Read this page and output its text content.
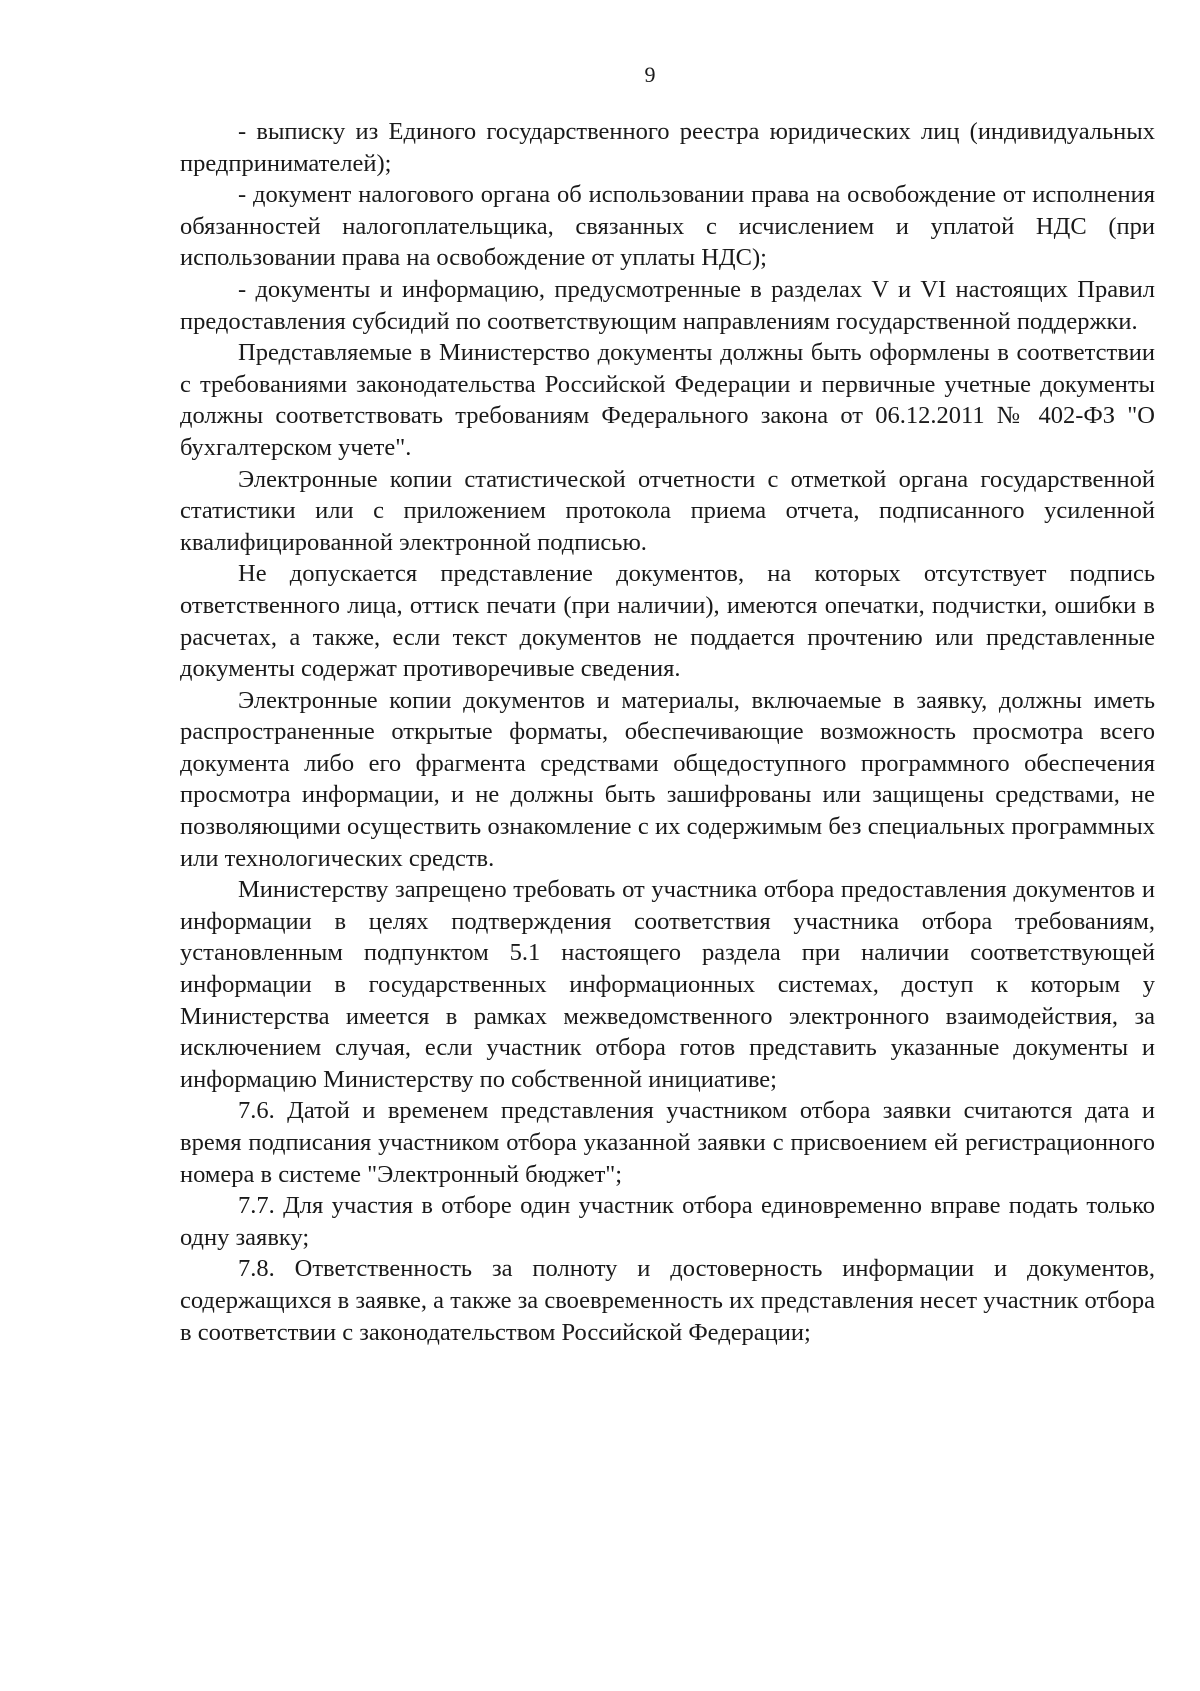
9

- выписку из Единого государственного реестра юридических лиц (индивидуальных предпринимателей);

- документ налогового органа об использовании права на освобождение от исполнения обязанностей налогоплательщика, связанных с исчислением и уплатой НДС (при использовании права на освобождение от уплаты НДС);

- документы и информацию, предусмотренные в разделах V и VI настоящих Правил предоставления субсидий по соответствующим направлениям государственной поддержки.

Представляемые в Министерство документы должны быть оформлены в соответствии с требованиями законодательства Российской Федерации и первичные учетные документы должны соответствовать требованиям Федерального закона от 06.12.2011 № 402-ФЗ "О бухгалтерском учете".

Электронные копии статистической отчетности с отметкой органа государственной статистики или с приложением протокола приема отчета, подписанного усиленной квалифицированной электронной подписью.

Не допускается представление документов, на которых отсутствует подпись ответственного лица, оттиск печати (при наличии), имеются опечатки, подчистки, ошибки в расчетах, а также, если текст документов не поддается прочтению или представленные документы содержат противоречивые сведения.

Электронные копии документов и материалы, включаемые в заявку, должны иметь распространенные открытые форматы, обеспечивающие возможность просмотра всего документа либо его фрагмента средствами общедоступного программного обеспечения просмотра информации, и не должны быть зашифрованы или защищены средствами, не позволяющими осуществить ознакомление с их содержимым без специальных программных или технологических средств.

Министерству запрещено требовать от участника отбора предоставления документов и информации в целях подтверждения соответствия участника отбора требованиям, установленным подпунктом 5.1 настоящего раздела при наличии соответствующей информации в государственных информационных системах, доступ к которым у Министерства имеется в рамках межведомственного электронного взаимодействия, за исключением случая, если участник отбора готов представить указанные документы и информацию Министерству по собственной инициативе;

7.6. Датой и временем представления участником отбора заявки считаются дата и время подписания участником отбора указанной заявки с присвоением ей регистрационного номера в системе "Электронный бюджет";

7.7. Для участия в отборе один участник отбора единовременно вправе подать только одну заявку;

7.8. Ответственность за полноту и достоверность информации и документов, содержащихся в заявке, а также за своевременность их представления несет участник отбора в соответствии с законодательством Российской Федерации;
